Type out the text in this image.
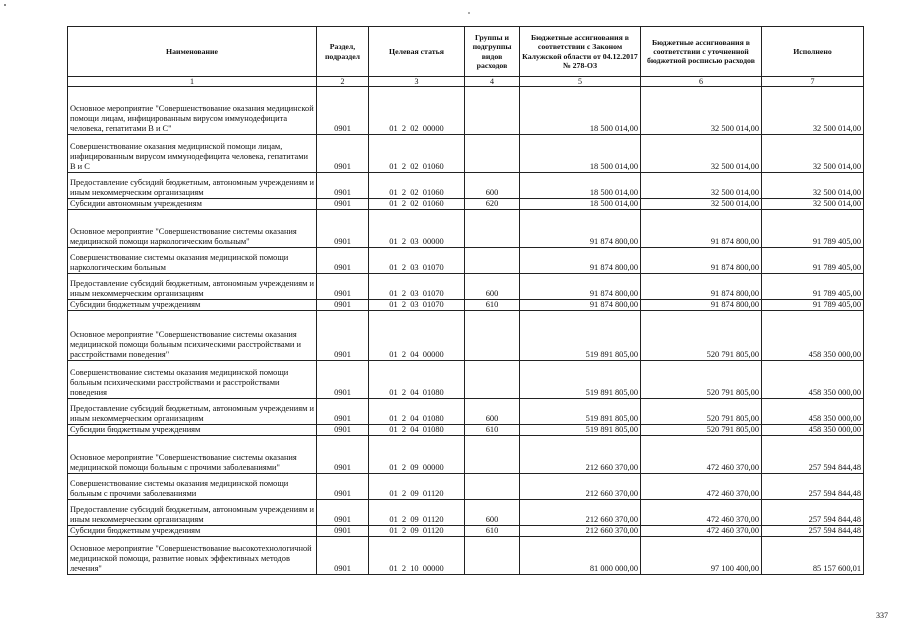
Наименование	Раздел, подраздел	Целевая статья	Группы и подгруппы видов расходов	Бюджетные ассигнования в соответствии с Законом Калужской области от 04.12.2017 № 278-ОЗ	Бюджетные ассигнования в соответствии с уточненной бюджетной росписью расходов	Исполнено
1	2	3	4	5	6	7
Основное мероприятие "Совершенствование оказания медицинской помощи лицам, инфицированным вирусом иммунодефицита человека, гепатитами В и С"	0901	01  2  02  00000		18 500 014,00	32 500 014,00	32 500 014,00
Совершенствование оказания медицинской помощи лицам, инфицированным вирусом иммунодефицита человека, гепатитами В и С	0901	01  2  02  01060		18 500 014,00	32 500 014,00	32 500 014,00
Предоставление субсидий бюджетным, автономным учреждениям и иным некоммерческим организациям	0901	01  2  02  01060	600	18 500 014,00	32 500 014,00	32 500 014,00
Субсидии автономным учреждениям	0901	01  2  02  01060	620	18 500 014,00	32 500 014,00	32 500 014,00
Основное мероприятие "Совершенствование системы оказания медицинской помощи наркологическим больным"	0901	01  2  03  00000		91 874 800,00	91 874 800,00	91 789 405,00
Совершенствование системы оказания медицинской помощи наркологическим больным	0901	01  2  03  01070		91 874 800,00	91 874 800,00	91 789 405,00
Предоставление субсидий бюджетным, автономным учреждениям и иным некоммерческим организациям	0901	01  2  03  01070	600	91 874 800,00	91 874 800,00	91 789 405,00
Субсидии бюджетным учреждениям	0901	01  2  03  01070	610	91 874 800,00	91 874 800,00	91 789 405,00
Основное мероприятие "Совершенствование системы оказания медицинской помощи больным психическими расстройствами и расстройствами поведения"	0901	01  2  04  00000		519 891 805,00	520 791 805,00	458 350 000,00
Совершенствование системы оказания медицинской помощи больным психическими расстройствами и расстройствами поведения	0901	01  2  04  01080		519 891 805,00	520 791 805,00	458 350 000,00
Предоставление субсидий бюджетным, автономным учреждениям и иным некоммерческим организациям	0901	01  2  04  01080	600	519 891 805,00	520 791 805,00	458 350 000,00
Субсидии бюджетным учреждениям	0901	01  2  04  01080	610	519 891 805,00	520 791 805,00	458 350 000,00
Основное мероприятие "Совершенствование системы оказания медицинской помощи больным с прочими заболеваниями"	0901	01  2  09  00000		212 660 370,00	472 460 370,00	257 594 844,48
Совершенствование системы оказания медицинской помощи больным с прочими заболеваниями	0901	01  2  09  01120		212 660 370,00	472 460 370,00	257 594 844,48
Предоставление субсидий бюджетным, автономным учреждениям и иным некоммерческим организациям	0901	01  2  09  01120	600	212 660 370,00	472 460 370,00	257 594 844,48
Субсидии бюджетным учреждениям	0901	01  2  09  01120	610	212 660 370,00	472 460 370,00	257 594 844,48
Основное мероприятие "Совершенствование высокотехнологичной медицинской помощи, развитие новых эффективных методов лечения"	0901	01  2  10  00000		81 000 000,00	97 100 400,00	85 157 600,01
337
